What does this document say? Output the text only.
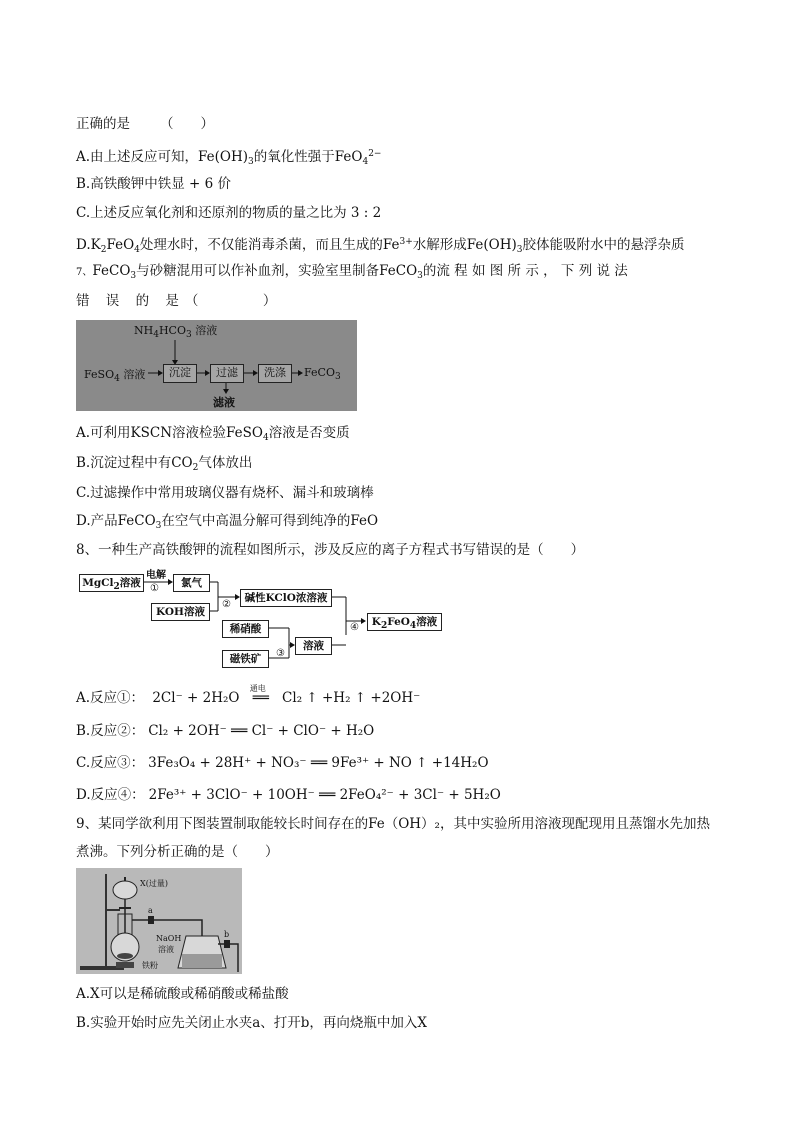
正确的是 （　　）
A.由上述反应可知，$Fe(OH)_3$的氧化性强于FeO$_4^{2-}$
B.高铁酸钾中铁显 + 6 价
C.上述反应氧化剂和还原剂的物质的量之比为 3 : 2
$D.K_2FeO_4$处理水时，不仅能消毒杀菌，而且生成的$Fe^{3+}$水解形成$Fe(OH)_3$胶体能吸附水中的悬浮杂质
7、FeCO$_3$与砂糖混用可以作补血剂，实验室里制备FeCO$_3$的流 程 如 图 所 示 ， 下 列 说 法
错 误 的 是（　　　）
$NH_4HCO_3$ 溶液
FeSO$_4$ 溶液	沉淀	过滤	洗涤	FeCO$_3$
滤液
A.可利用KSCN溶液检验FeSO$_4$溶液是否变质
B.沉淀过程中有$CO_2$气体放出
C.过滤操作中常用玻璃仪器有烧杯、漏斗和玻璃棒
D.产品FeCO$_3$在空气中高温分解可得到纯净的FeO
8、一种生产高铁酸钾的流程如图所示，涉及反应的离子方程式书写错误的是（　　）
MgCl$_2$溶液
电解
①	氯气
KOH溶液
②
碱性KClO浓溶液
稀硝酸
磁铁矿	③
溶液
④	$K_2FeO_4$溶液
A.反应①： 2Cl⁻ + 2H₂O
通电
══ Cl₂ ↑ +H₂ ↑ +2OH⁻
B.反应②： Cl₂ + 2OH⁻ ══ Cl⁻ + ClO⁻ + H₂O
C.反应③： 3Fe₃O₄ + 28H⁺ + NO₃⁻ ══ 9Fe³⁺ + NO ↑ +14H₂O
D.反应④： 2Fe³⁺ + 3ClO⁻ + 10OH⁻ ══ 2FeO₄²⁻ + 3Cl⁻ + 5H₂O
9、某同学欲利用下图装置制取能较长时间存在的Fe（OH）₂，其中实验所用溶液现配现用且蒸馏水先加热
煮沸。下列分析正确的是（　　）
X(过量)
a
b
NaOH
溶液
铁粉
A.X可以是稀硫酸或稀硝酸或稀盐酸
B.实验开始时应先关闭止水夹a、打开b，再向烧瓶中加入X
